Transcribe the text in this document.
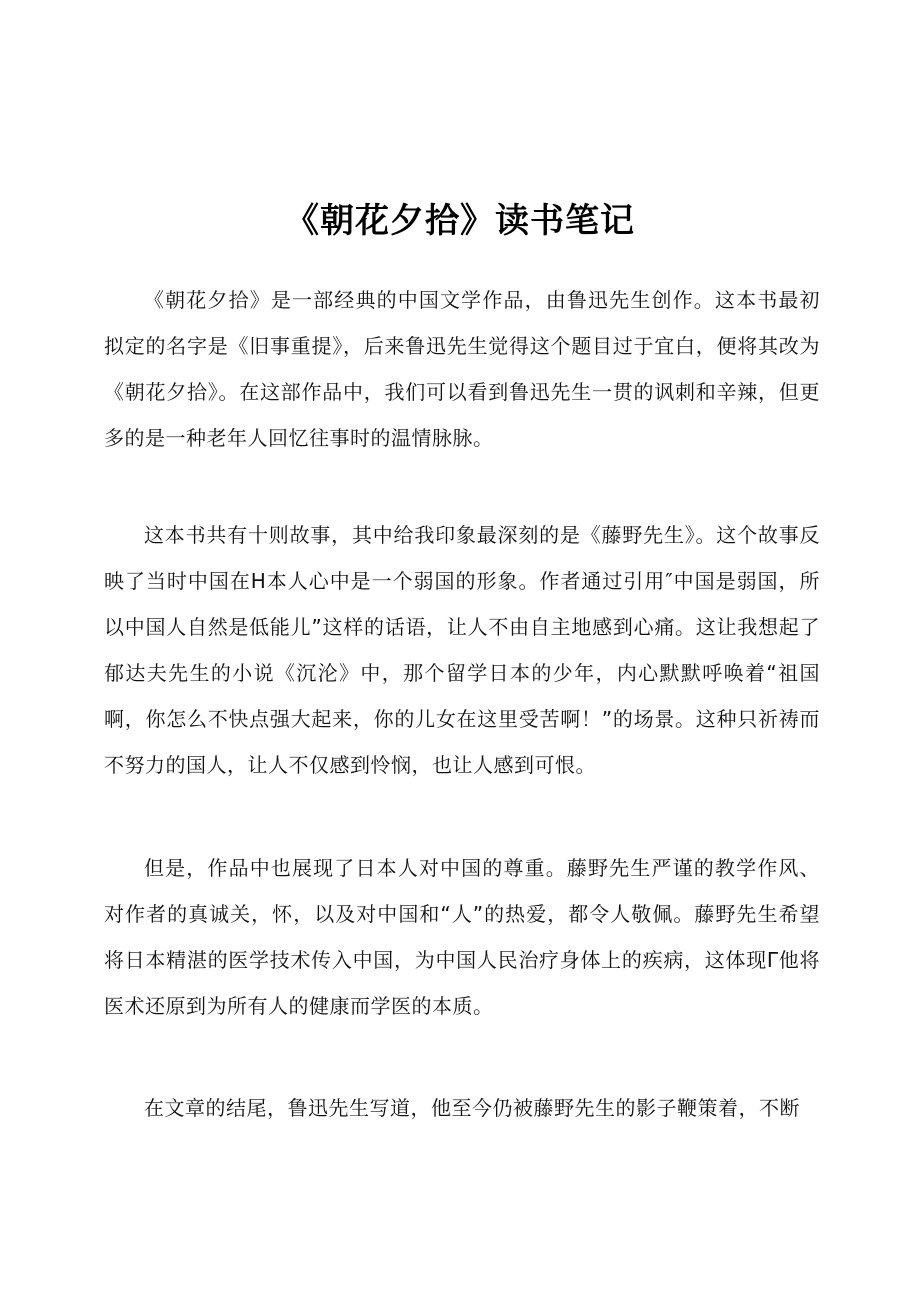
《朝花夕拾》读书笔记

《朝花夕拾》是一部经典的中国文学作品，由鲁迅先生创作。这本书最初拟定的名字是《旧事重提》，后来鲁迅先生觉得这个题目过于宜白，便将其改为《朝花夕拾》。在这部作品中，我们可以看到鲁迅先生一贯的讽刺和辛辣，但更多的是一种老年人回忆往事时的温情脉脉。

这本书共有十则故事，其中给我印象最深刻的是《藤野先生》。这个故事反映了当时中国在H本人心中是一个弱国的形象。作者通过引用″中国是弱国，所以中国人自然是低能儿”这样的话语，让人不由自主地感到心痛。这让我想起了郁达夫先生的小说《沉沦》中，那个留学日本的少年，内心默默呼唤着“祖国啊，你怎么不快点强大起来，你的儿女在这里受苦啊！”的场景。这种只祈祷而不努力的国人，让人不仅感到怜悯，也让人感到可恨。

但是，作品中也展现了日本人对中国的尊重。藤野先生严谨的教学作风、对作者的真诚关，怀，以及对中国和“人”的热爱，都令人敬佩。藤野先生希望将日本精湛的医学技术传入中国，为中国人民治疗身体上的疾病，这体现Γ他将医术还原到为所有人的健康而学医的本质。

在文章的结尾，鲁迅先生写道，他至今仍被藤野先生的影子鞭策着，不断
